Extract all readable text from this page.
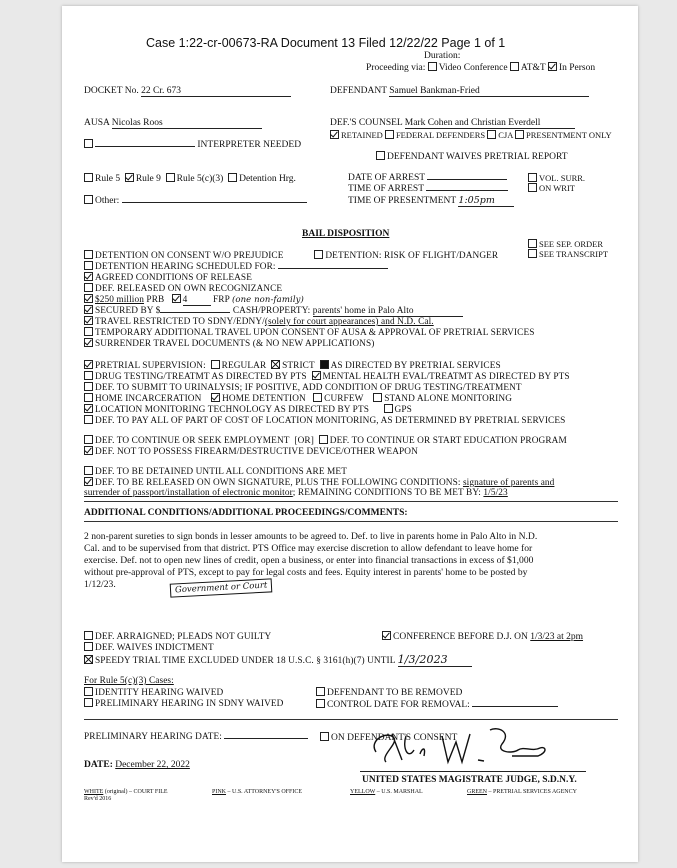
Case 1:22-cr-00673-RA Document 13 Filed 12/22/22 Page 1 of 1
Duration:
Proceeding via: Video Conference AT&T In Person
DOCKET No. 22 Cr. 673	DEFENDANT Samuel Bankman-Fried
AUSA Nicolas Roos	DEF.'S COUNSEL Mark Cohen and Christian Everdell
RETAINED FEDERAL DEFENDERS CJA PRESENTMENT ONLY
INTERPRETER NEEDED
DEFENDANT WAIVES PRETRIAL REPORT
Rule 5 Rule 9 Rule 5(c)(3) Detention Hrg.
Other:
DATE OF ARREST
TIME OF ARREST
TIME OF PRESENTMENT 1:05pm
VOL. SURR.
ON WRIT
BAIL DISPOSITION
SEE SEP. ORDER
SEE TRANSCRIPT
DETENTION ON CONSENT W/O PREJUDICE	DETENTION: RISK OF FLIGHT/DANGER
DETENTION HEARING SCHEDULED FOR:
AGREED CONDITIONS OF RELEASE
DEF. RELEASED ON OWN RECOGNIZANCE
$250 million PRB 4	FRP (one non-family)
SECURED BY $	CASH/PROPERTY: parents' home in Palo Alto
TRAVEL RESTRICTED TO SDNY/EDNY/(solely for court appearances) and N.D. Cal.
TEMPORARY ADDITIONAL TRAVEL UPON CONSENT OF AUSA & APPROVAL OF PRETRIAL SERVICES
SURRENDER TRAVEL DOCUMENTS (& NO NEW APPLICATIONS)
PRETRIAL SUPERVISION: REGULAR STRICT AS DIRECTED BY PRETRIAL SERVICES
DRUG TESTING/TREATMT AS DIRECTED BY PTS MENTAL HEALTH EVAL/TREATMT AS DIRECTED BY PTS
DEF. TO SUBMIT TO URINALYSIS; IF POSITIVE, ADD CONDITION OF DRUG TESTING/TREATMENT
HOME INCARCERATION HOME DETENTION CURFEW STAND ALONE MONITORING
LOCATION MONITORING TECHNOLOGY AS DIRECTED BY PTS	GPS
DEF. TO PAY ALL OF PART OF COST OF LOCATION MONITORING, AS DETERMINED BY PRETRIAL SERVICES
DEF. TO CONTINUE OR SEEK EMPLOYMENT [OR] DEF. TO CONTINUE OR START EDUCATION PROGRAM
DEF. NOT TO POSSESS FIREARM/DESTRUCTIVE DEVICE/OTHER WEAPON
DEF. TO BE DETAINED UNTIL ALL CONDITIONS ARE MET
DEF. TO BE RELEASED ON OWN SIGNATURE, PLUS THE FOLLOWING CONDITIONS: signature of parents and
surrender of passport/installation of electronic monitor; REMAINING CONDITIONS TO BE MET BY: 1/5/23
ADDITIONAL CONDITIONS/ADDITIONAL PROCEEDINGS/COMMENTS:
2 non-parent sureties to sign bonds in lesser amounts to be agreed to. Def. to live in parents home in Palo Alto in N.D.
Cal. and to be supervised from that district. PTS Office may exercise discretion to allow defendant to leave home for
exercise. Def. not to open new lines of credit, open a business, or enter into financial transactions in excess of $1,000
without pre-approval of PTS, except to pay for legal costs and fees. Equity interest in parents' home to be posted by
1/12/23.	Government or Court
DEF. ARRAIGNED; PLEADS NOT GUILTY	CONFERENCE BEFORE D.J. ON 1/3/23 at 2pm
DEF. WAIVES INDICTMENT
SPEEDY TRIAL TIME EXCLUDED UNDER 18 U.S.C. § 3161(h)(7) UNTIL 1/3/2023
For Rule 5(c)(3) Cases:
IDENTITY HEARING WAIVED
PRELIMINARY HEARING IN SDNY WAIVED
DEFENDANT TO BE REMOVED
CONTROL DATE FOR REMOVAL:
PRELIMINARY HEARING DATE:	ON DEFENDANT'S CONSENT
DATE: December 22, 2022
UNITED STATES MAGISTRATE JUDGE, S.D.N.Y.
WHITE (original) – COURT FILE	PINK – U.S. ATTORNEY'S OFFICE	YELLOW – U.S. MARSHAL	GREEN – PRETRIAL SERVICES AGENCY
Rev'd 2016
